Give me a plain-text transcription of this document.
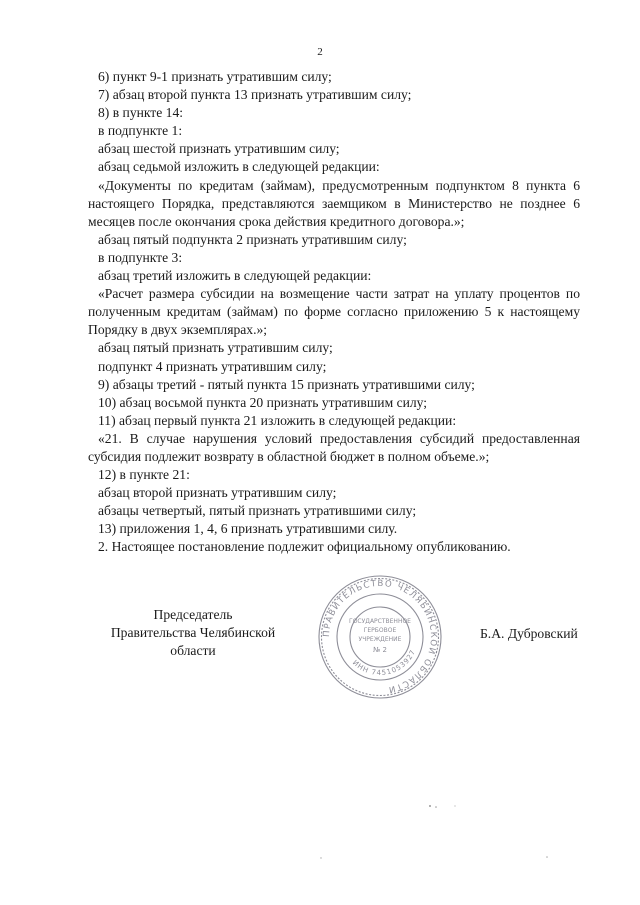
2

6) пункт 9-1 признать утратившим силу;

7) абзац второй пункта 13 признать утратившим силу;

8) в пункте 14:

в подпункте 1:

абзац шестой признать утратившим силу;

абзац седьмой изложить в следующей редакции:

«Документы по кредитам (займам), предусмотренным подпунктом 8 пункта 6 настоящего Порядка, представляются заемщиком в Министерство не позднее 6 месяцев после окончания срока действия кредитного договора.»;

абзац пятый подпункта 2 признать утратившим силу;

в подпункте 3:

абзац третий изложить в следующей редакции:

«Расчет размера субсидии на возмещение части затрат на уплату процентов по полученным кредитам (займам) по форме согласно приложению 5 к настоящему Порядку в двух экземплярах.»;

абзац пятый признать утратившим силу;

подпункт 4 признать утратившим силу;

9) абзацы третий - пятый пункта 15 признать утратившими силу;

10) абзац восьмой пункта 20 признать утратившим силу;

11) абзац первый пункта 21 изложить в следующей редакции:

«21. В случае нарушения условий предоставления субсидий предоставленная субсидия подлежит возврату в областной бюджет в полном объеме.»;

12) в пункте 21:

абзац второй признать утратившим силу;

абзацы четвертый, пятый признать утратившими силу;

13) приложения 1, 4, 6 признать утратившими силу.

2. Настоящее постановление подлежит официальному опубликованию.

Председатель
Правительства Челябинской области
Б.А. Дубровский
ПРАВИТЕЛЬСТВО ЧЕЛЯБИНСКОЙ ОБЛАСТИ
ИНН 7451053927
ГОСУДАРСТВЕННОЕ
ГЕРБОВОЕ
УЧРЕЖДЕНИЕ
№ 2
